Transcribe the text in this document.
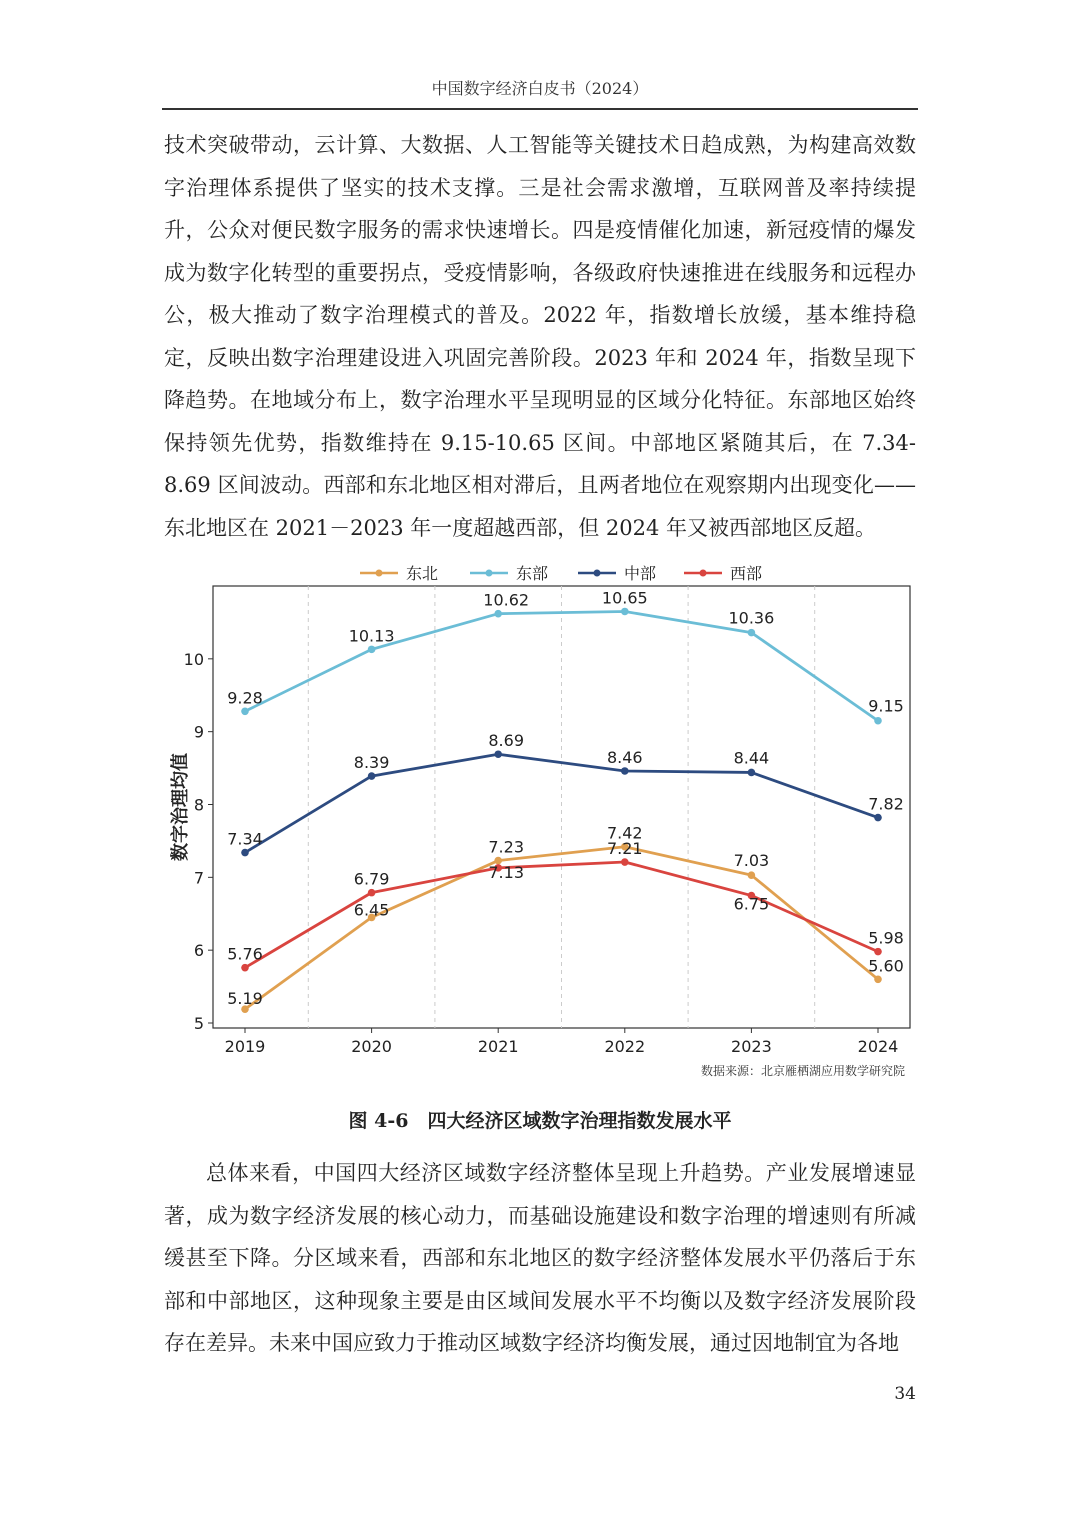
中国数字经济白皮书（2024）

技术突破带动，云计算、大数据、人工智能等关键技术日趋成熟，为构建高效数字治理体系提供了坚实的技术支撑。三是社会需求激增，互联网普及率持续提升，公众对便民数字服务的需求快速增长。四是疫情催化加速，新冠疫情的爆发成为数字化转型的重要拐点，受疫情影响，各级政府快速推进在线服务和远程办公，极大推动了数字治理模式的普及。2022 年，指数增长放缓，基本维持稳定，反映出数字治理建设进入巩固完善阶段。2023 年和 2024 年，指数呈现下降趋势。在地域分布上，数字治理水平呈现明显的区域分化特征。东部地区始终保持领先优势，指数维持在 9.15-10.65 区间。中部地区紧随其后，在 7.34-8.69 区间波动。西部和东北地区相对滞后，且两者地位在观察期内出现变化——东北地区在 2021－2023 年一度超越西部，但 2024 年又被西部地区反超。

东北	东部	中部	西部
5
6
7
8
9
10
2019	2020	2021	2022	2023	2024
数字治理均值
5.19
6.45
7.23
7.42
7.03
5.60
9.28
10.13
10.62	10.65
10.36
9.15
7.34
8.39
8.69
8.46	8.44
7.82
5.76
6.79	7.13
7.21
6.75
5.98
数据来源：北京雁栖湖应用数学研究院
图 4-6　四大经济区域数字治理指数发展水平

总体来看，中国四大经济区域数字经济整体呈现上升趋势。产业发展增速显著，成为数字经济发展的核心动力，而基础设施建设和数字治理的增速则有所减缓甚至下降。分区域来看，西部和东北地区的数字经济整体发展水平仍落后于东部和中部地区，这种现象主要是由区域间发展水平不均衡以及数字经济发展阶段存在差异。未来中国应致力于推动区域数字经济均衡发展，通过因地制宜为各地

34
